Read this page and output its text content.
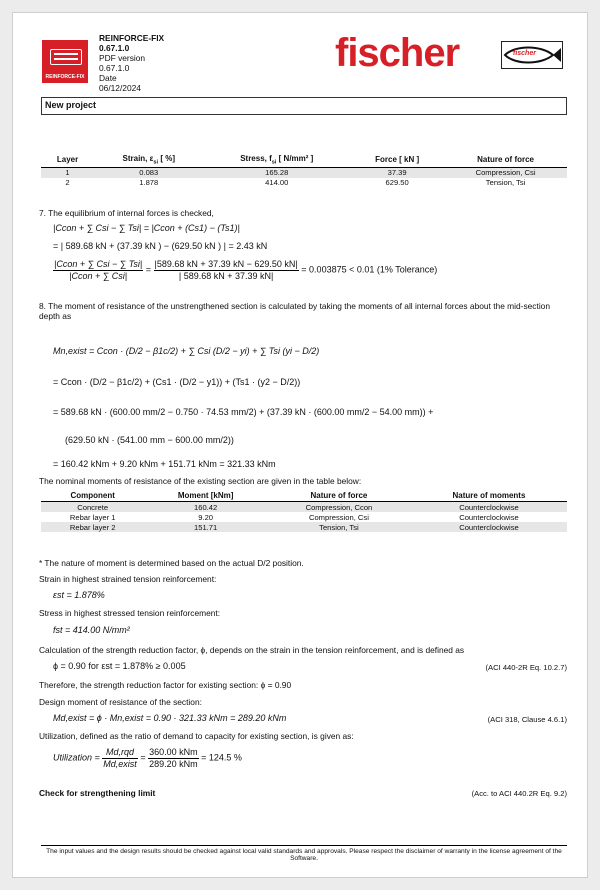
REINFORCE-FIX
REINFORCE-FIX
0.67.1.0
PDF version
0.67.1.0
Date
06/12/2024
fischer	fischer
New project
Layer	Strain, $\varepsilon_{si}$ [ %]	Stress, $f_{si}$ [ N/mm² ]	Force [ kN ]	Nature of force
1	0.083	165.28	37.39	Compression, Csi
2	1.878	414.00	629.50	Tension, Tsi
7. The equilibrium of internal forces is checked,
|Ccon + ∑ Csi − ∑ Tsi| = |Ccon + (Cs1) − (Ts1)|
= | 589.68 kN + (37.39 kN ) − (629.50 kN ) | = 2.43 kN
$\frac{\text{|Ccon + ∑ Csi − ∑ Tsi|}}{\text{|Ccon + ∑ Csi|}} = \frac{|589.68 kN + 37.39 kN - 629.50 kN|}{| 589.68 kN + 37.39 kN|} = 0.003875 < 0.01$ (1% Tolerance)
8. The moment of resistance of the unstrengthened section is calculated by taking the moments of all internal forces about the mid-section depth as
Mn,exist = Ccon · (D/2 − β1c/2) + ∑ Csi (D/2 − yi) + ∑ Tsi (yi − D/2)
= Ccon · (D/2 − β1c/2) + (Cs1 · (D/2 − y1)) + (Ts1 · (y2 − D/2))
= 589.68 kN · (600.00 mm/2 − 0.750 · 74.53 mm/2) + (37.39 kN · (600.00 mm/2 − 54.00 mm)) +
(629.50 kN · (541.00 mm − 600.00 mm/2))
= 160.42 kNm + 9.20 kNm + 151.71 kNm = 321.33 kNm
The nominal moments of resistance of the existing section are given in the table below:
Component	Moment [kNm]	Nature of force	Nature of moments
Concrete	160.42	Compression, Ccon	Counterclockwise
Rebar layer 1	9.20	Compression, Csi	Counterclockwise
Rebar layer 2	151.71	Tension, Tsi	Counterclockwise
* The nature of moment is determined based on the actual D/2 position.
Strain in highest strained tension reinforcement:
εst = 1.878%
Stress in highest stressed tension reinforcement:
fst = 414.00 N/mm²
Calculation of the strength reduction factor, ϕ, depends on the strain in the tension reinforcement, and is defined as
ϕ = 0.90 for εst = 1.878% ≥ 0.005	(ACI 440-2R Eq. 10.2.7)
Therefore, the strength reduction factor for existing section: ϕ = 0.90
Design moment of resistance of the section:
Md,exist = ϕ · Mn,exist = 0.90 · 321.33 kNm = 289.20 kNm	(ACI 318, Clause 4.6.1)
Utilization, defined as the ratio of demand to capacity for existing section, is given as:
Utilization = $\frac{\text{Md,rqd}}{\text{Md,exist}} = \frac{\text{360.00 kNm}}{\text{289.20 kNm}} = 124.5$ %
Check for strengthening limit	(Acc. to ACI 440.2R Eq. 9.2)
The input values and the design results should be checked against local valid standards and approvals. Please respect the disclaimer of warranty in the license agreement of the Software.
